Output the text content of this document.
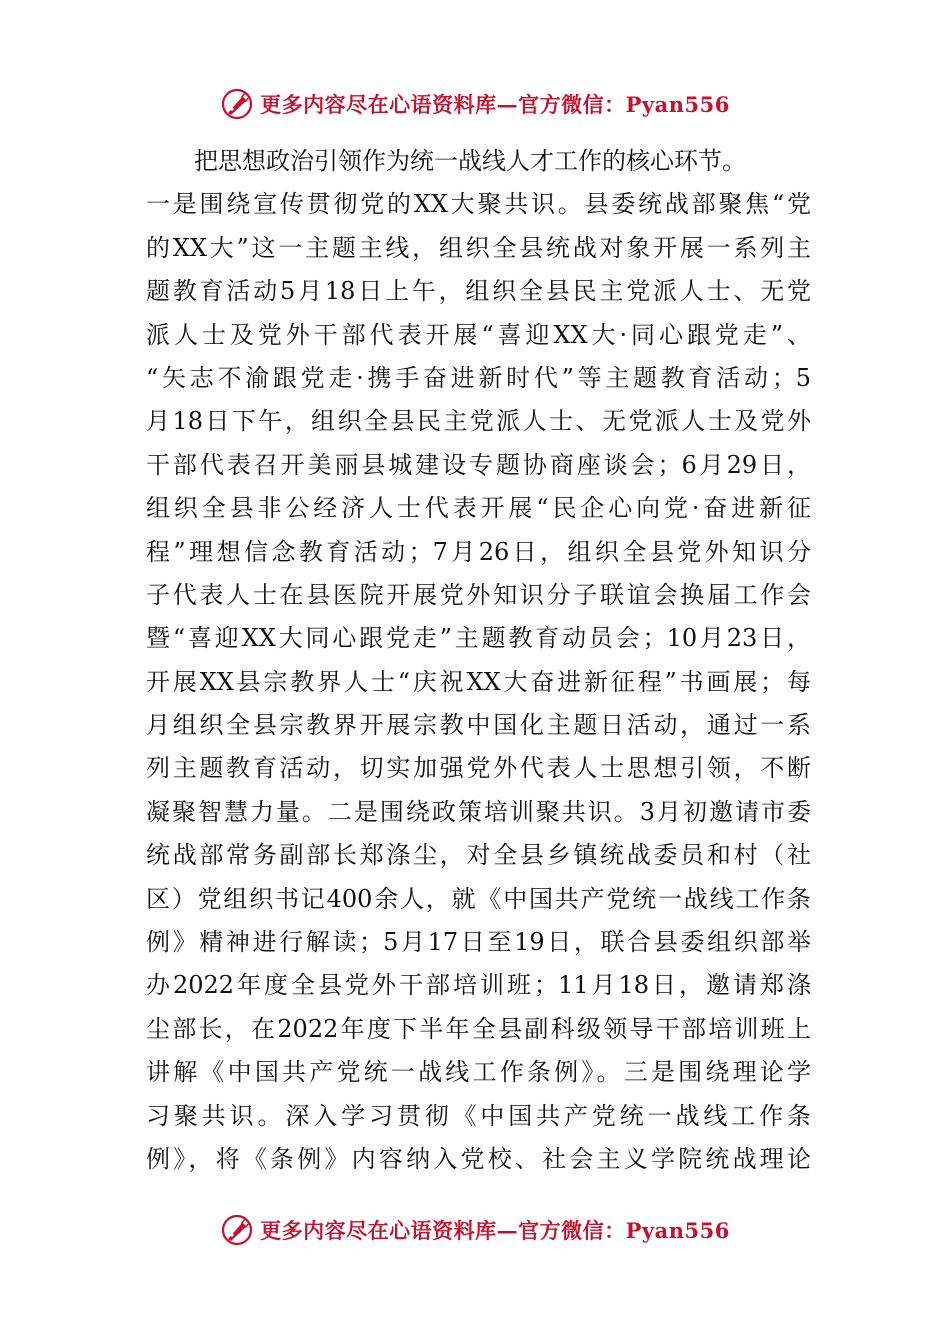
更多内容尽在心语资料库—官方微信：Pyan556
把思想政治引领作为统一战线人才工作的核心环节。
一是围绕宣传贯彻党的XX大聚共识。县委统战部聚焦“党
的XX大”这一主题主线，组织全县统战对象开展一系列主
题教育活动5月18日上午，组织全县民主党派人士、无党
派人士及党外干部代表开展“喜迎XX大·同心跟党走”、
“矢志不渝跟党走·携手奋进新时代”等主题教育活动；5
月18日下午，组织全县民主党派人士、无党派人士及党外
干部代表召开美丽县城建设专题协商座谈会；6月29日，
组织全县非公经济人士代表开展“民企心向党·奋进新征
程”理想信念教育活动；7月26日，组织全县党外知识分
子代表人士在县医院开展党外知识分子联谊会换届工作会
暨“喜迎XX大同心跟党走”主题教育动员会；10月23日，
开展XX县宗教界人士“庆祝XX大奋进新征程”书画展；每
月组织全县宗教界开展宗教中国化主题日活动，通过一系
列主题教育活动，切实加强党外代表人士思想引领，不断
凝聚智慧力量。二是围绕政策培训聚共识。3月初邀请市委
统战部常务副部长郑涤尘，对全县乡镇统战委员和村（社
区）党组织书记400余人，就《中国共产党统一战线工作条
例》精神进行解读；5月17日至19日，联合县委组织部举
办2022年度全县党外干部培训班；11月18日，邀请郑涤
尘部长，在2022年度下半年全县副科级领导干部培训班上
讲解《中国共产党统一战线工作条例》。三是围绕理论学
习聚共识。深入学习贯彻《中国共产党统一战线工作条
例》，将《条例》内容纳入党校、社会主义学院统战理论
更多内容尽在心语资料库—官方微信：Pyan556
